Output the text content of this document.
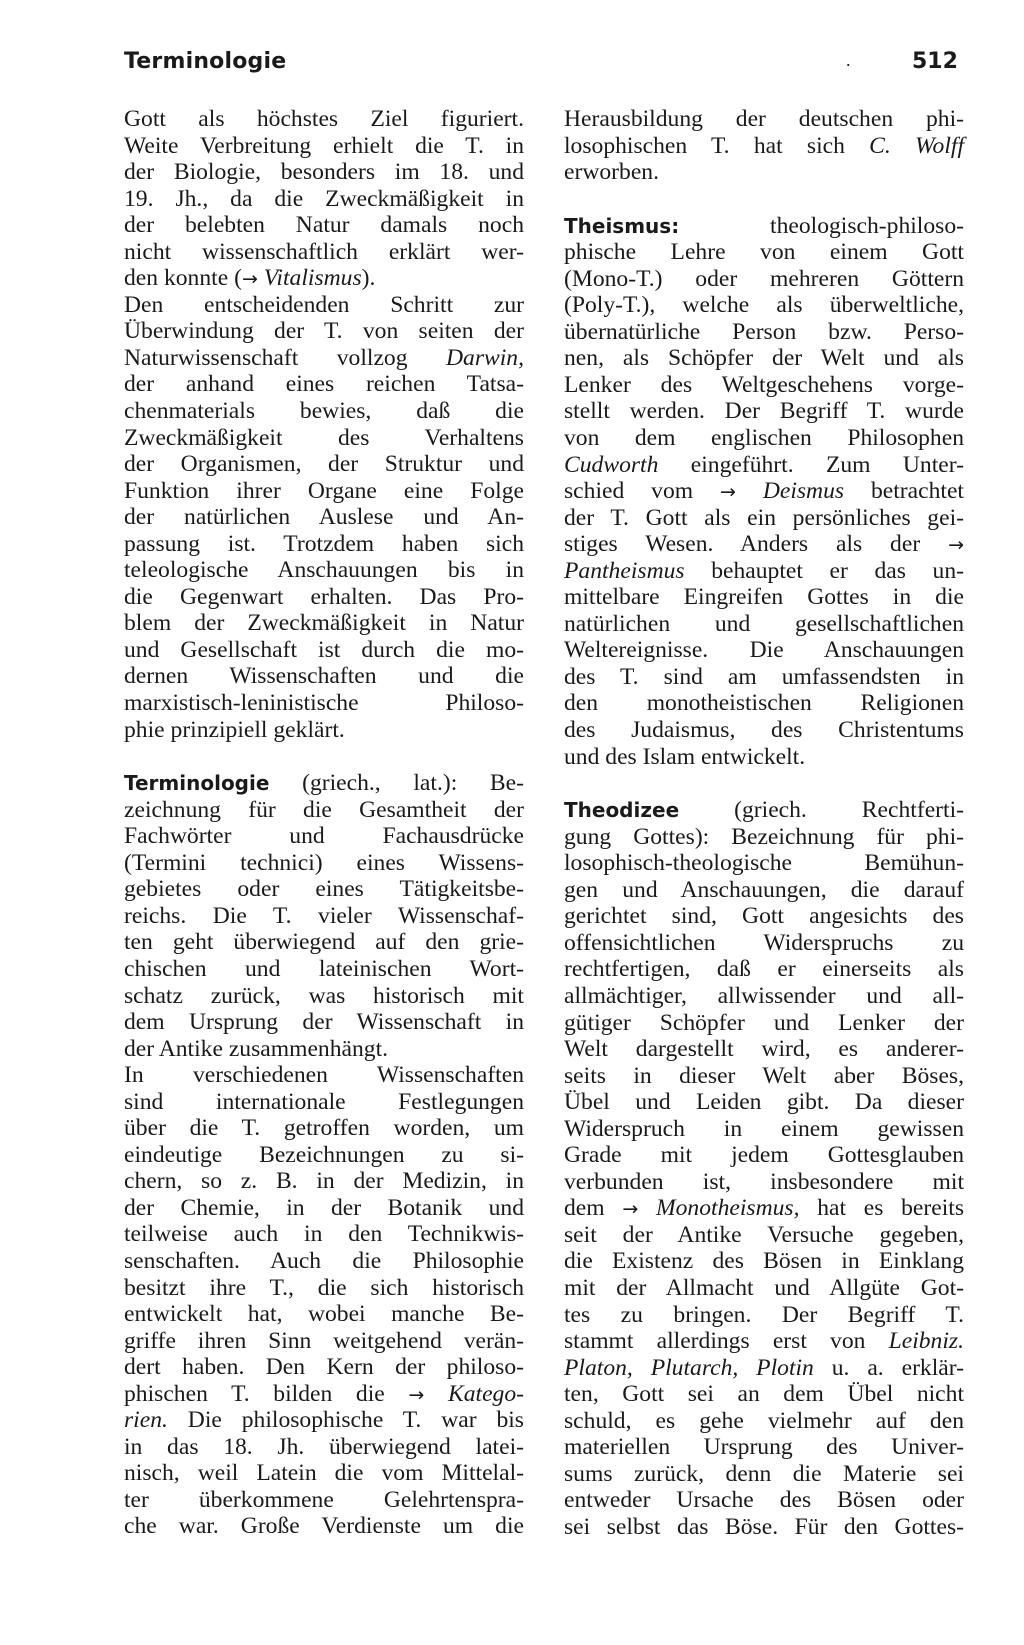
Terminologie	.	512
Gott als höchstes Ziel figuriert.
Weite Verbreitung erhielt die T. in
der Biologie, besonders im 18. und
19. Jh., da die Zweckmäßigkeit in
der belebten Natur damals noch
nicht wissenschaftlich erklärt wer-
den konnte (→ Vitalismus).
Den entscheidenden Schritt zur
Überwindung der T. von seiten der
Naturwissenschaft vollzog Darwin,
der anhand eines reichen Tatsa-
chenmaterials bewies, daß die
Zweckmäßigkeit des Verhaltens
der Organismen, der Struktur und
Funktion ihrer Organe eine Folge
der natürlichen Auslese und An-
passung ist. Trotzdem haben sich
teleologische Anschauungen bis in
die Gegenwart erhalten. Das Pro-
blem der Zweckmäßigkeit in Natur
und Gesellschaft ist durch die mo-
dernen Wissenschaften und die
marxistisch-leninistische Philoso-
phie prinzipiell geklärt.
Terminologie (griech., lat.): Be-
zeichnung für die Gesamtheit der
Fachwörter und Fachausdrücke
(Termini technici) eines Wissens-
gebietes oder eines Tätigkeitsbe-
reichs. Die T. vieler Wissenschaf-
ten geht überwiegend auf den grie-
chischen und lateinischen Wort-
schatz zurück, was historisch mit
dem Ursprung der Wissenschaft in
der Antike zusammenhängt.
In verschiedenen Wissenschaften
sind internationale Festlegungen
über die T. getroffen worden, um
eindeutige Bezeichnungen zu si-
chern, so z. B. in der Medizin, in
der Chemie, in der Botanik und
teilweise auch in den Technikwis-
senschaften. Auch die Philosophie
besitzt ihre T., die sich historisch
entwickelt hat, wobei manche Be-
griffe ihren Sinn weitgehend verän-
dert haben. Den Kern der philoso-
phischen T. bilden die → Katego-
rien. Die philosophische T. war bis
in das 18. Jh. überwiegend latei-
nisch, weil Latein die vom Mittelal-
ter überkommene Gelehrtenspra-
che war. Große Verdienste um die
Herausbildung der deutschen phi-
losophischen T. hat sich C. Wolff
erworben.
Theismus:	theologisch-philoso-
phische Lehre von einem Gott
(Mono-T.) oder mehreren Göttern
(Poly-T.), welche als überweltliche,
übernatürliche Person bzw. Perso-
nen, als Schöpfer der Welt und als
Lenker des Weltgeschehens vorge-
stellt werden. Der Begriff T. wurde
von dem englischen Philosophen
Cudworth eingeführt. Zum Unter-
schied vom → Deismus betrachtet
der T. Gott als ein persönliches gei-
stiges Wesen. Anders als der →
Pantheismus behauptet er das un-
mittelbare Eingreifen Gottes in die
natürlichen und gesellschaftlichen
Weltereignisse. Die Anschauungen
des T. sind am umfassendsten in
den monotheistischen Religionen
des Judaismus, des Christentums
und des Islam entwickelt.
Theodizee (griech. Rechtferti-
gung Gottes): Bezeichnung für phi-
losophisch-theologische Bemühun-
gen und Anschauungen, die darauf
gerichtet sind, Gott angesichts des
offensichtlichen Widerspruchs zu
rechtfertigen, daß er einerseits als
allmächtiger, allwissender und all-
gütiger Schöpfer und Lenker der
Welt dargestellt wird, es anderer-
seits in dieser Welt aber Böses,
Übel und Leiden gibt. Da dieser
Widerspruch in einem gewissen
Grade mit jedem Gottesglauben
verbunden ist, insbesondere mit
dem → Monotheismus, hat es bereits
seit der Antike Versuche gegeben,
die Existenz des Bösen in Einklang
mit der Allmacht und Allgüte Got-
tes zu bringen. Der Begriff T.
stammt allerdings erst von Leibniz.
Platon, Plutarch, Plotin u. a. erklär-
ten, Gott sei an dem Übel nicht
schuld, es gehe vielmehr auf den
materiellen Ursprung des Univer-
sums zurück, denn die Materie sei
entweder Ursache des Bösen oder
sei selbst das Böse. Für den Gottes-
